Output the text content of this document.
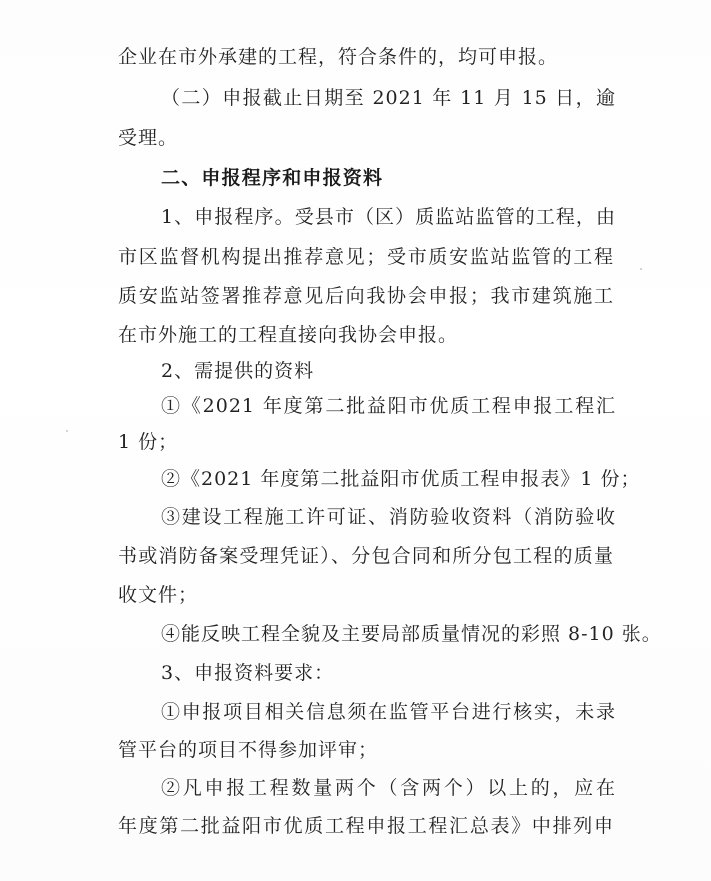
企业在市外承建的工程，符合条件的，均可申报。
（二）申报截止日期至 2021 年 11 月 15 日，逾
受理。
二、申报程序和申报资料
1、申报程序。受县市（区）质监站监管的工程，由
市区监督机构提出推荐意见；受市质安监站监管的工程
质安监站签署推荐意见后向我协会申报；我市建筑施工
在市外施工的工程直接向我协会申报。
2、需提供的资料
①《2021 年度第二批益阳市优质工程申报工程汇
1 份；
②《2021 年度第二批益阳市优质工程申报表》1 份；
③建设工程施工许可证、消防验收资料（消防验收
书或消防备案受理凭证）、分包合同和所分包工程的质量
收文件；
④能反映工程全貌及主要局部质量情况的彩照 8-10 张。
3、申报资料要求：
①申报项目相关信息须在监管平台进行核实，未录
管平台的项目不得参加评审；
②凡申报工程数量两个（含两个）以上的，应在
年度第二批益阳市优质工程申报工程汇总表》中排列申
